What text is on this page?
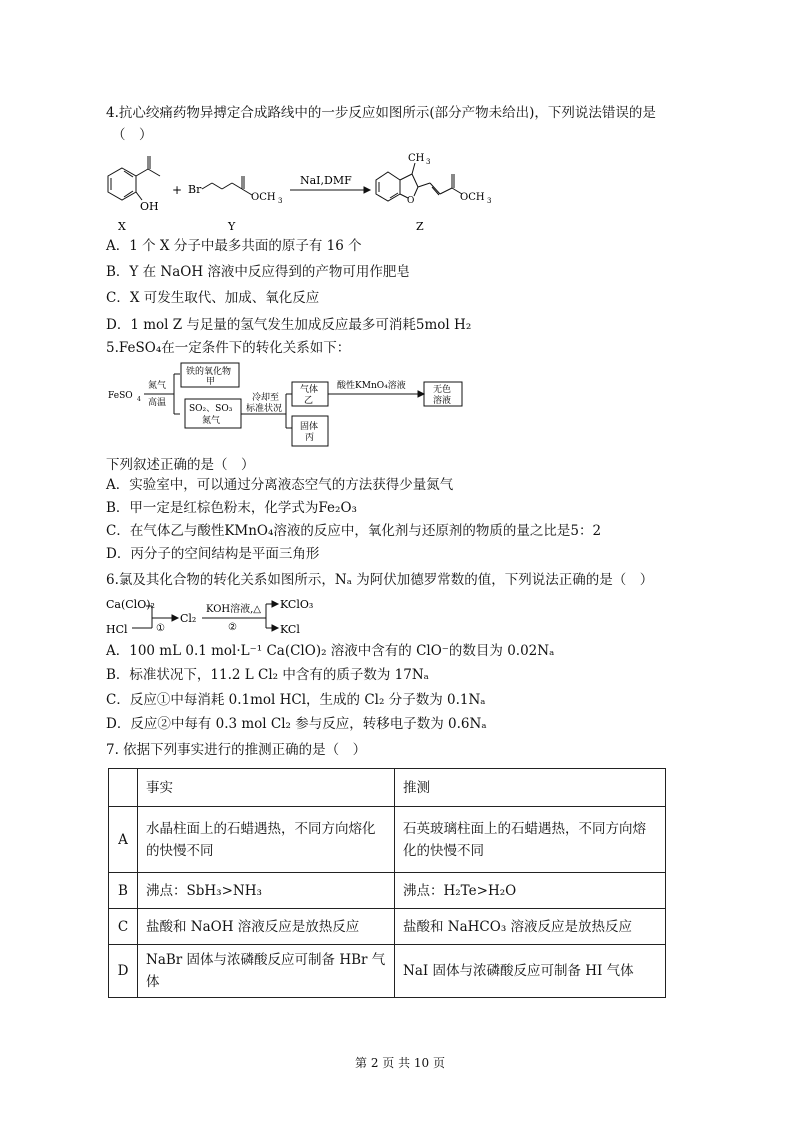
4.抗心绞痛药物异搏定合成路线中的一步反应如图所示(部分产物未给出)，下列说法错误的是
（　）
OH
X
+ Br
OCH 3
Y
NaI,DMF
CH 3
O	OCH 3
Z
A．1 个 X 分子中最多共面的原子有 16 个
B．Y 在 NaOH 溶液中反应得到的产物可用作肥皂
C．X 可发生取代、加成、氧化反应
D．1 mol Z 与足量的氢气发生加成反应最多可消耗5mol H₂
5.FeSO₄在一定条件下的转化关系如下：
FeSO 4
氮气
高温
铁的氧化物
甲
SO₂、SO₃
氮气
冷却至
标准状况
气体
乙
酸性KMnO₄溶液	无色
溶液
固体
丙
下列叙述正确的是（　）
A．实验室中，可以通过分离液态空气的方法获得少量氮气
B．甲一定是红棕色粉末，化学式为Fe₂O₃
C．在气体乙与酸性KMnO₄溶液的反应中，氧化剂与还原剂的物质的量之比是5：2
D．丙分子的空间结构是平面三角形
6.氯及其化合物的转化关系如图所示，Nₐ 为阿伏加德罗常数的值，下列说法正确的是（　）
Ca(ClO)₂
HCl	①
Cl₂
KOH溶液,△
②
KClO₃
KCl
A．100 mL 0.1 mol·L⁻¹ Ca(ClO)₂ 溶液中含有的 ClO⁻的数目为 0.02Nₐ
B．标准状况下，11.2 L Cl₂ 中含有的质子数为 17Nₐ
C．反应①中每消耗 0.1mol HCl，生成的 Cl₂ 分子数为 0.1Nₐ
D．反应②中每有 0.3 mol Cl₂ 参与反应，转移电子数为 0.6Nₐ
7. 依据下列事实进行的推测正确的是（　）
	事实	推测
A	水晶柱面上的石蜡遇热，不同方向熔化的快慢不同	石英玻璃柱面上的石蜡遇热，不同方向熔化的快慢不同
B	沸点：SbH₃>NH₃	沸点：H₂Te>H₂O
C	盐酸和 NaOH 溶液反应是放热反应	盐酸和 NaHCO₃ 溶液反应是放热反应
D	NaBr 固体与浓磷酸反应可制备 HBr 气体	NaI 固体与浓磷酸反应可制备 HI 气体
第 2 页 共 10 页
